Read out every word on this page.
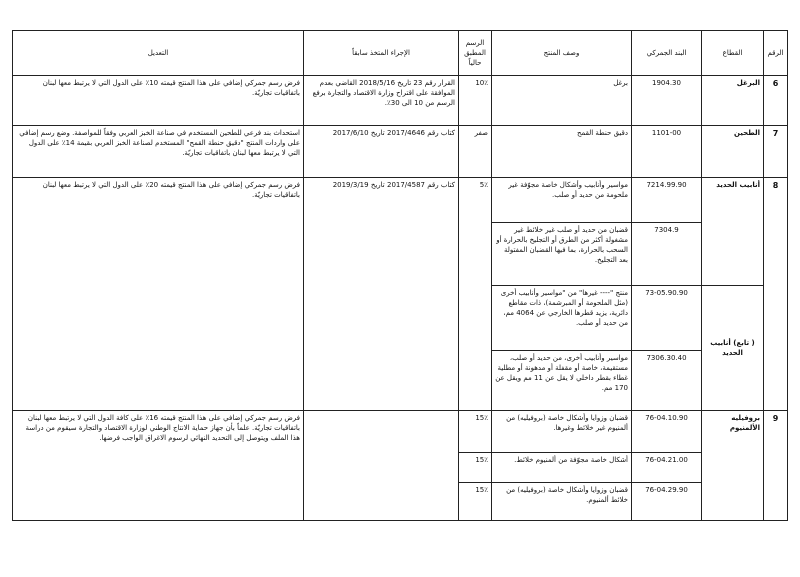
الرقم	القطاع	البند الجمركي	وصف المنتج	الرسم المطبق حالياً	الإجراء المتخذ سابقاً	التعديل
6	البرغل	1904.30	برغل	10٪	القرار رقم 23 تاريخ 2018/5/16 القاضي بعدم الموافقة على اقتراح وزارة الاقتصاد والتجارة برفع الرسم من 10 الى 30٪.	فرض رسم جمركي إضافي على هذا المنتج قيمته 10٪ على الدول التي لا يرتبط معها لبنان باتفاقيات تجاريّة.
7	الطحين	1101-00	دقيق حنطة القمح	صفر	كتاب رقم 2017/4646 تاريخ 2017/6/10	استحداث بند فرعي للطحين المستخدم في صناعة الخبز العربي وفقاً للمواصفة. وضع رسم إضافي على واردات المنتج "دقيق حنطة القمح" المستخدم لصناعة الخبز العربي بقيمة 14٪ على الدول التي لا يرتبط معها لبنان باتفاقيات تجاريّة.
8	أنابيب الحديد	7214.99.90	مواسير وأنابيب وأشكال خاصة مجوّفة غير ملحومة من حديد أو صلب.	5٪	كتاب رقم 2017/4587 تاريخ 2019/3/19	فرض رسم جمركي إضافي على هذا المنتج قيمته 20٪ على الدول التي لا يرتبط معها لبنان باتفاقيات تجاريّة.
		7304.9	قضبان من حديد أو صلب غير خلائط غير مشغولة أكثر من الطرق أو التجليخ بالحرارة أو السحب بالحرارة، بما فيها القضبان المفتولة بعد التجليخ.			
	( تابع) أنابيب الحديد	73-05.90.90	منتج "---- غيرها" من "مواسير وأنابيب أخرى (مثل الملحومة أو المبرشمة)، ذات مقاطع دائرية، يزيد قطرها الخارجي عن 4064 مم، من حديد أو صلب.			
		7306.30.40	مواسير وأنابيب أخرى، من حديد أو صلب، مستقيمة، خاصة أو مقفلة أو مدهونة أو مطلية غطاء بقطر داخلي لا يقل عن 11 مم ويقل عن 170 مم.			
9	بروفيليه الألمنيوم	76-04.10.90	قضبان وزوايا وأشكال خاصة (بروفيليه) من ألمنيوم غير خلائط وغيرها.	15٪		فرض رسم جمركي إضافي على هذا المنتج قيمته 16٪ على كافة الدول التي لا يرتبط معها لبنان باتفاقيات تجاريّة. علماً بأن جهاز حماية الانتاج الوطني لوزارة الاقتصاد والتجارة سيقوم من دراسة هذا الملف ويتوصل إلى التحديد النهائي لرسوم الاغراق الواجب فرضها.
		76-04.21.00	أشكال خاصة مجوّفة من ألمنيوم خلائط.	15٪		
		76-04.29.90	قضبان وزوايا وأشكال خاصة (بروفيليه) من خلائط ألمنيوم.	15٪		
